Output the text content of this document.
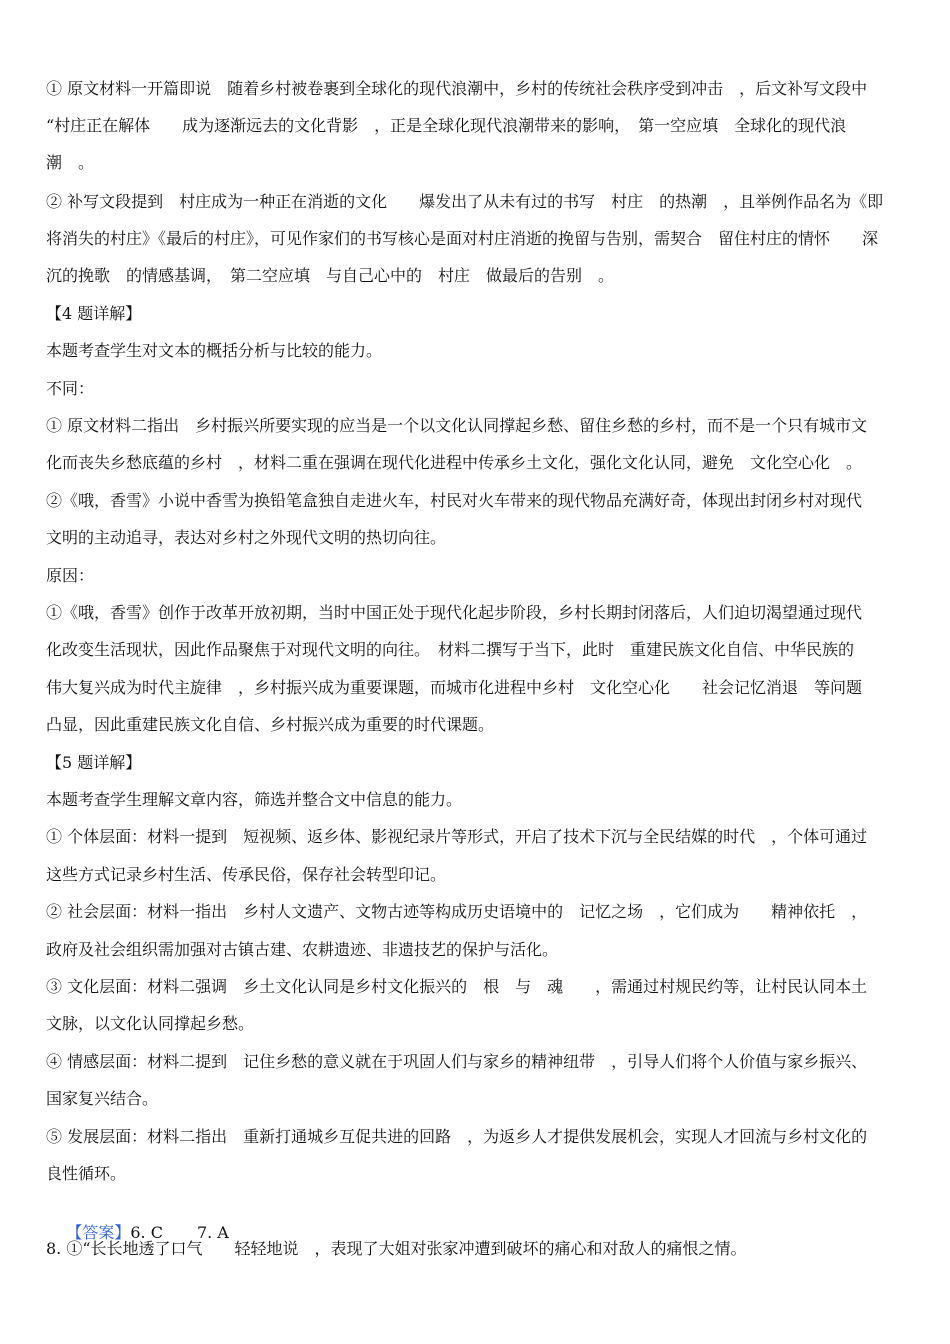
① 原文材料一开篇即说　随着乡村被卷裹到全球化的现代浪潮中，乡村的传统社会秩序受到冲击　，后文补写文段中
“村庄正在解体　　成为逐渐远去的文化背影　，正是全球化现代浪潮带来的影响，　第一空应填　全球化的现代浪
潮　。
② 补写文段提到　村庄成为一种正在消逝的文化　　爆发出了从未有过的书写　村庄　的热潮　，且举例作品名为《即
将消失的村庄》《最后的村庄》，可见作家们的书写核心是面对村庄消逝的挽留与告别，需契合　留住村庄的情怀　　深
沉的挽歌　的情感基调，　第二空应填　与自己心中的　村庄　做最后的告别　。
【4 题详解】
本题考查学生对文本的概括分析与比较的能力。
不同：
① 原文材料二指出　乡村振兴所要实现的应当是一个以文化认同撑起乡愁、留住乡愁的乡村，而不是一个只有城市文
化而丧失乡愁底蕴的乡村　，材料二重在强调在现代化进程中传承乡土文化，强化文化认同，避免　文化空心化　。
②《哦，香雪》小说中香雪为换铅笔盒独自走进火车，村民对火车带来的现代物品充满好奇，体现出封闭乡村对现代
文明的主动追寻，表达对乡村之外现代文明的热切向往。
原因：
①《哦，香雪》创作于改革开放初期，当时中国正处于现代化起步阶段，乡村长期封闭落后，人们迫切渴望通过现代
化改变生活现状，因此作品聚焦于对现代文明的向往。　材料二撰写于当下，此时　重建民族文化自信、中华民族的
伟大复兴成为时代主旋律　，乡村振兴成为重要课题，而城市化进程中乡村　文化空心化　　社会记忆消退　等问题
凸显，因此重建民族文化自信、乡村振兴成为重要的时代课题。
【5 题详解】
本题考查学生理解文章内容，筛选并整合文中信息的能力。
① 个体层面：材料一提到　短视频、返乡体、影视纪录片等形式，开启了技术下沉与全民结媒的时代　，个体可通过
这些方式记录乡村生活、传承民俗，保存社会转型印记。
② 社会层面：材料一指出　乡村人文遗产、文物古迹等构成历史语境中的　记忆之场　，它们成为　　精神依托　，
政府及社会组织需加强对古镇古建、农耕遗迹、非遗技艺的保护与活化。
③ 文化层面：材料二强调　乡土文化认同是乡村文化振兴的　根　与　魂　　，需通过村规民约等，让村民认同本土
文脉，以文化认同撑起乡愁。
④ 情感层面：材料二提到　记住乡愁的意义就在于巩固人们与家乡的精神纽带　，引导人们将个人价值与家乡振兴、
国家复兴结合。
⑤ 发展层面：材料二指出　重新打通城乡互促共进的回路　，为返乡人才提供发展机会，实现人才回流与乡村文化的
良性循环。

【答案】6. C 7. A

8. ①“长长地透了口气　　轻轻地说　，表现了大姐对张家冲遭到破坏的痛心和对敌人的痛恨之情。
